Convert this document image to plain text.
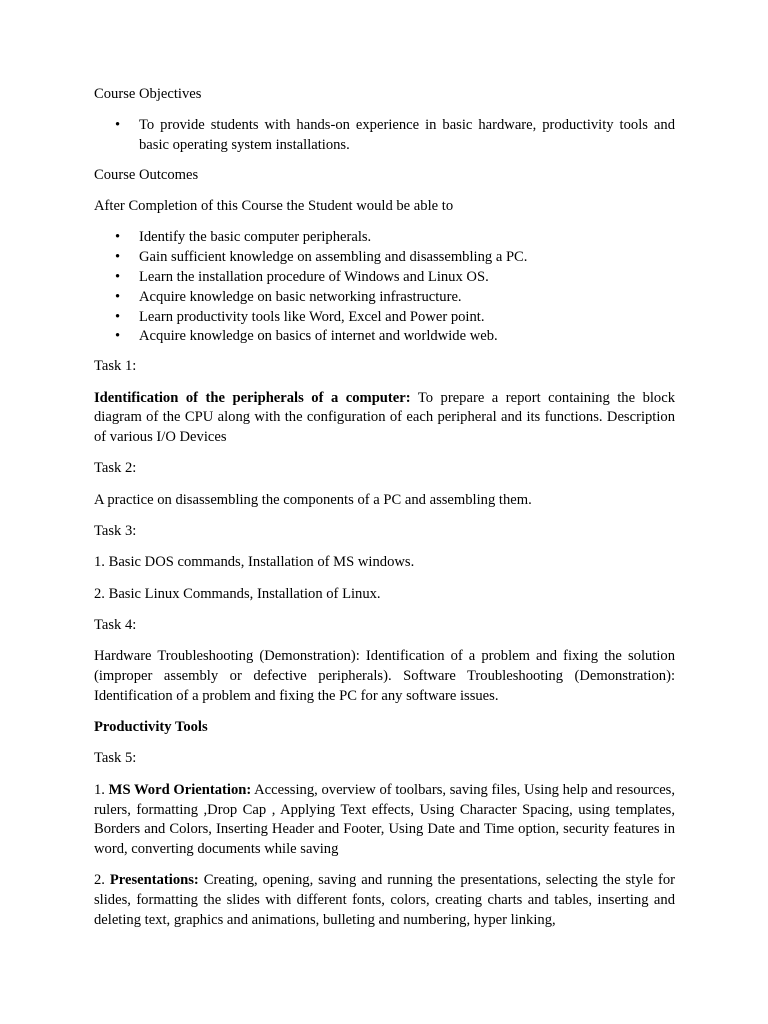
Course Objectives

• To provide students with hands-on experience in basic hardware, productivity tools and basic operating system installations.

Course Outcomes

After Completion of this Course the Student would be able to

• Identify the basic computer peripherals.
• Gain sufficient knowledge on assembling and disassembling a PC.
• Learn the installation procedure of Windows and Linux OS.
• Acquire knowledge on basic networking infrastructure.
• Learn productivity tools like Word, Excel and Power point.
• Acquire knowledge on basics of internet and worldwide web.

Task 1:

Identification of the peripherals of a computer: To prepare a report containing the block diagram of the CPU along with the configuration of each peripheral and its functions. Description of various I/O Devices

Task 2:

A practice on disassembling the components of a PC and assembling them.

Task 3:

1. Basic DOS commands, Installation of MS windows.

2. Basic Linux Commands, Installation of Linux.

Task 4:

Hardware Troubleshooting (Demonstration): Identification of a problem and fixing the solution (improper assembly or defective peripherals). Software Troubleshooting (Demonstration): Identification of a problem and fixing the PC for any software issues.

Productivity Tools

Task 5:

1. MS Word Orientation: Accessing, overview of toolbars, saving files, Using help and resources, rulers, formatting ,Drop Cap , Applying Text effects, Using Character Spacing, using templates, Borders and Colors, Inserting Header and Footer, Using Date and Time option, security features in word, converting documents while saving

2. Presentations: Creating, opening, saving and running the presentations, selecting the style for slides, formatting the slides with different fonts, colors, creating charts and tables, inserting and deleting text, graphics and animations, bulleting and numbering, hyper linking,
